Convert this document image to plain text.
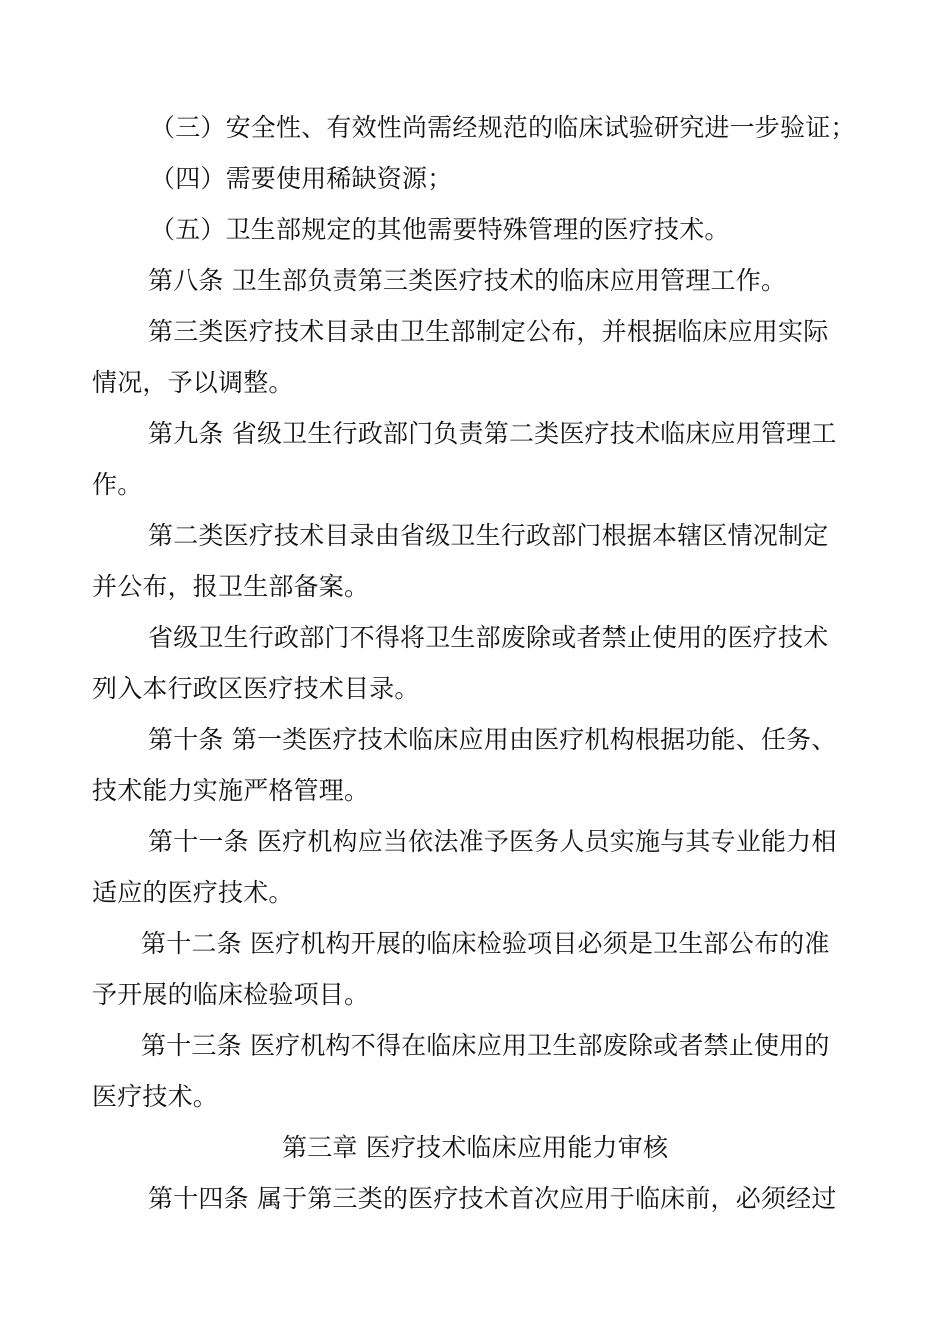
（三）安全性、有效性尚需经规范的临床试验研究进一步验证；
（四）需要使用稀缺资源；
（五）卫生部规定的其他需要特殊管理的医疗技术。
第八条 卫生部负责第三类医疗技术的临床应用管理工作。
第三类医疗技术目录由卫生部制定公布，并根据临床应用实际
情况，予以调整。
第九条 省级卫生行政部门负责第二类医疗技术临床应用管理工
作。
第二类医疗技术目录由省级卫生行政部门根据本辖区情况制定
并公布，报卫生部备案。
省级卫生行政部门不得将卫生部废除或者禁止使用的医疗技术
列入本行政区医疗技术目录。
第十条 第一类医疗技术临床应用由医疗机构根据功能、任务、
技术能力实施严格管理。
第十一条 医疗机构应当依法准予医务人员实施与其专业能力相
适应的医疗技术。
第十二条 医疗机构开展的临床检验项目必须是卫生部公布的准
予开展的临床检验项目。
第十三条 医疗机构不得在临床应用卫生部废除或者禁止使用的
医疗技术。
第三章 医疗技术临床应用能力审核
第十四条 属于第三类的医疗技术首次应用于临床前，必须经过
